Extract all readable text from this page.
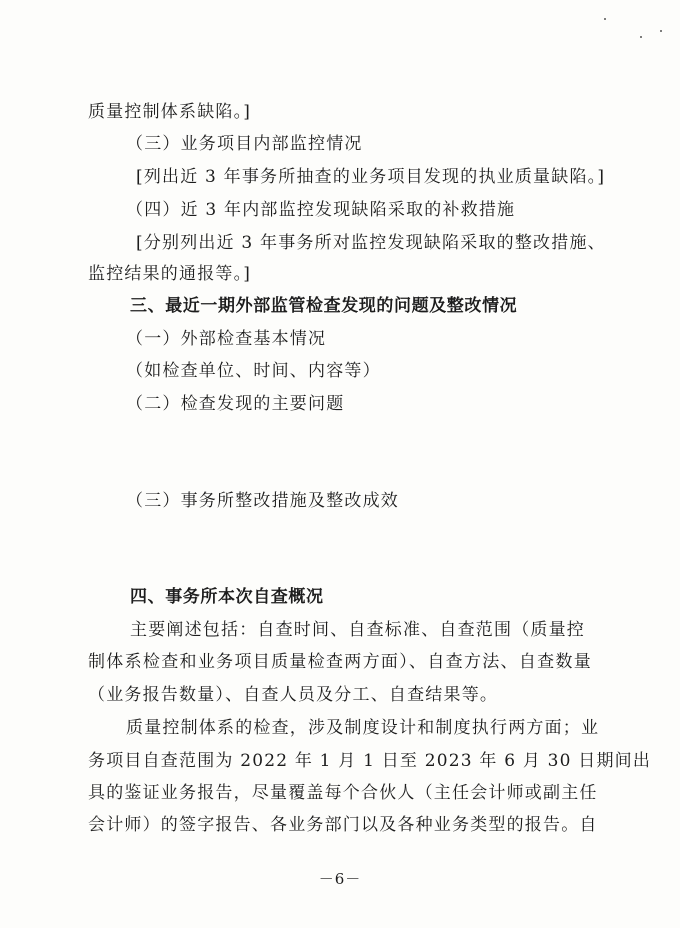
质量控制体系缺陷。]
（三）业务项目内部监控情况
[列出近 3 年事务所抽查的业务项目发现的执业质量缺陷。]
（四）近 3 年内部监控发现缺陷采取的补救措施
[分别列出近 3 年事务所对监控发现缺陷采取的整改措施、
监控结果的通报等。]
三、最近一期外部监管检查发现的问题及整改情况
（一）外部检查基本情况
（如检查单位、时间、内容等）
（二）检查发现的主要问题
（三）事务所整改措施及整改成效
四、事务所本次自查概况
主要阐述包括：自查时间、自查标准、自查范围（质量控
制体系检查和业务项目质量检查两方面）、自查方法、自查数量
（业务报告数量）、自查人员及分工、自查结果等。
质量控制体系的检查，涉及制度设计和制度执行两方面；业
务项目自查范围为 2022 年 1 月 1 日至 2023 年 6 月 30 日期间出
具的鉴证业务报告，尽量覆盖每个合伙人（主任会计师或副主任
会计师）的签字报告、各业务部门以及各种业务类型的报告。自
－6－
